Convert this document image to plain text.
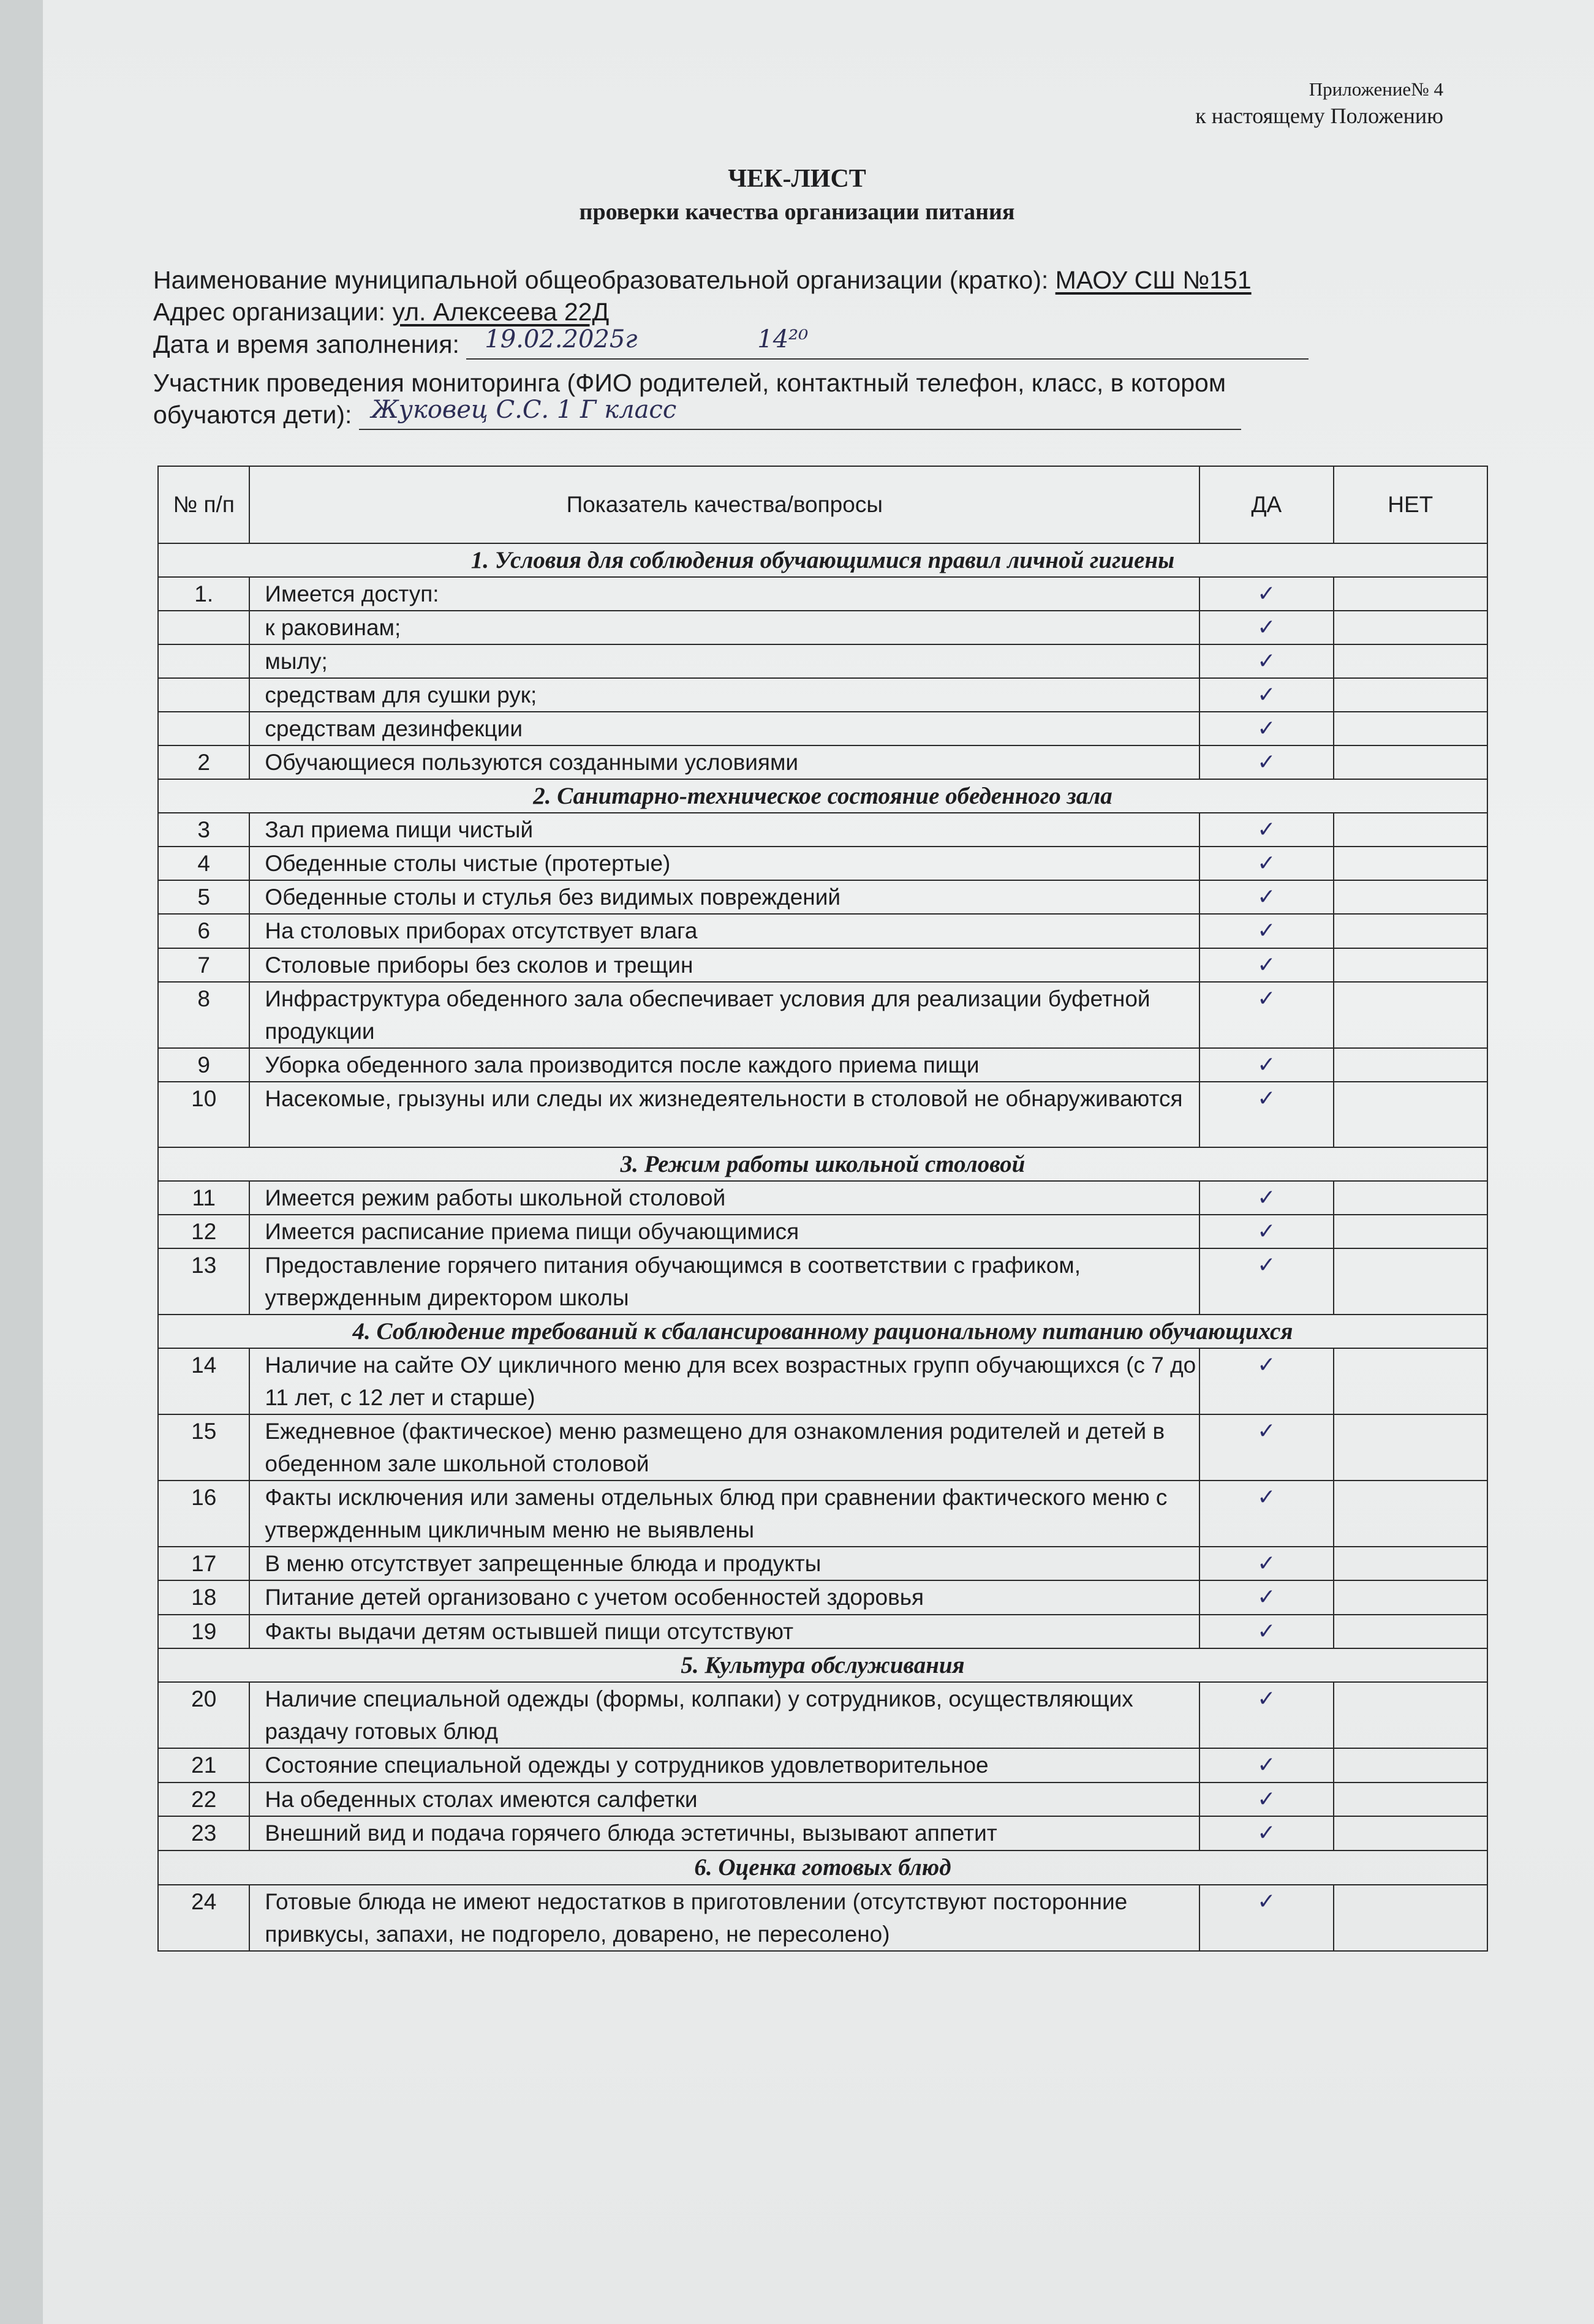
Приложение№ 4
к настоящему Положению
ЧЕК-ЛИСТ
проверки качества организации питания
Наименование муниципальной общеобразовательной организации (кратко): МАОУ СШ №151
Адрес организации: ул. Алексеева 22Д
Дата и время заполнения: 19.02.2025г	14²⁰
Участник проведения мониторинга (ФИО родителей, контактный телефон, класс, в котором
обучаются дети): Жуковец С.С. 1 Г класс
№ п/п	Показатель качества/вопросы	ДА	НЕТ
1. Условия для соблюдения обучающимися правил личной гигиены			
1.	Имеется доступ:	✓	
	к раковинам;	✓	
	мылу;	✓	
	средствам для сушки рук;	✓	
	средствам дезинфекции	✓	
2	Обучающиеся пользуются созданными условиями	✓	
2. Санитарно-техническое состояние обеденного зала			
3	Зал приема пищи чистый	✓	
4	Обеденные столы чистые (протертые)	✓	
5	Обеденные столы и стулья без видимых повреждений	✓	
6	На столовых приборах отсутствует влага	✓	
7	Столовые приборы без сколов и трещин	✓	
8	Инфраструктура обеденного зала обеспечивает условия для реализации буфетной продукции	✓	
9	Уборка обеденного зала производится после каждого приема пищи	✓	
10	Насекомые, грызуны или следы их жизнедеятельности в столовой не обнаруживаются	✓	
3. Режим работы школьной столовой			
11	Имеется режим работы школьной столовой	✓	
12	Имеется расписание приема пищи обучающимися	✓	
13	Предоставление горячего питания обучающимся в соответствии с графиком, утвержденным директором школы	✓	
4. Соблюдение требований к сбалансированному рациональному питанию обучающихся			
14	Наличие на сайте ОУ цикличного меню для всех возрастных групп обучающихся (с 7 до 11 лет, с 12 лет и старше)	✓	
15	Ежедневное (фактическое) меню размещено для ознакомления родителей и детей в обеденном зале школьной столовой	✓	
16	Факты исключения или замены отдельных блюд при сравнении фактического меню с утвержденным цикличным меню не выявлены	✓	
17	В меню отсутствует запрещенные блюда и продукты	✓	
18	Питание детей организовано с учетом особенностей здоровья	✓	
19	Факты выдачи детям остывшей пищи отсутствуют	✓	
5. Культура обслуживания			
20	Наличие специальной одежды (формы, колпаки) у сотрудников, осуществляющих раздачу готовых блюд	✓	
21	Состояние специальной одежды у сотрудников удовлетворительное	✓	
22	На обеденных столах имеются салфетки	✓	
23	Внешний вид и подача горячего блюда эстетичны, вызывают аппетит	✓	
6. Оценка готовых блюд			
24	Готовые блюда не имеют недостатков в приготовлении (отсутствуют посторонние привкусы, запахи, не подгорело, доварено, не пересолено)	✓	
